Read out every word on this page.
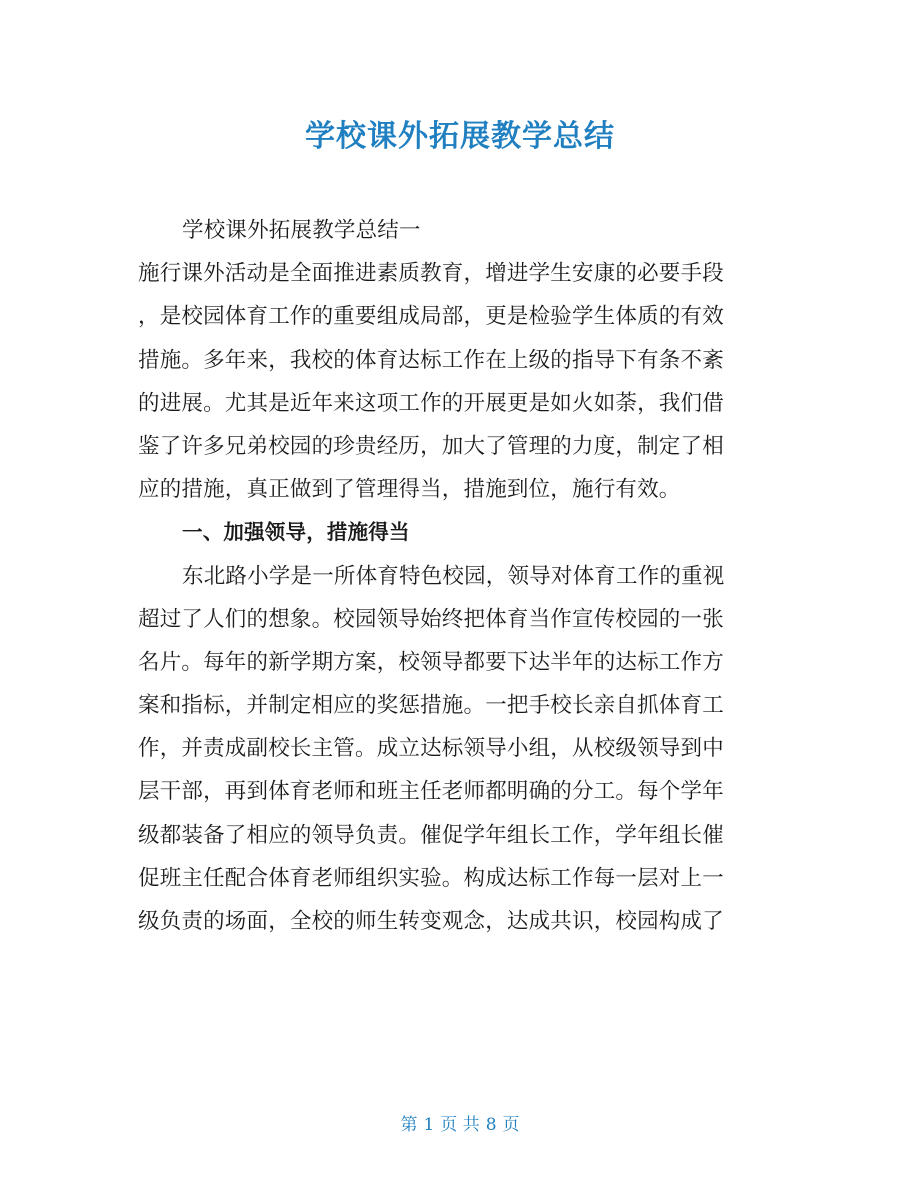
学校课外拓展教学总结
学校课外拓展教学总结一
施行课外活动是全面推进素质教育，增进学生安康的必要手段
，是校园体育工作的重要组成局部，更是检验学生体质的有效
措施。多年来，我校的体育达标工作在上级的指导下有条不紊
的进展。尤其是近年来这项工作的开展更是如火如荼，我们借
鉴了许多兄弟校园的珍贵经历，加大了管理的力度，制定了相
应的措施，真正做到了管理得当，措施到位，施行有效。
一、加强领导，措施得当
东北路小学是一所体育特色校园，领导对体育工作的重视
超过了人们的想象。校园领导始终把体育当作宣传校园的一张
名片。每年的新学期方案，校领导都要下达半年的达标工作方
案和指标，并制定相应的奖惩措施。一把手校长亲自抓体育工
作，并责成副校长主管。成立达标领导小组，从校级领导到中
层干部，再到体育老师和班主任老师都明确的分工。每个学年
级都装备了相应的领导负责。催促学年组长工作，学年组长催
促班主任配合体育老师组织实验。构成达标工作每一层对上一
级负责的场面，全校的师生转变观念，达成共识，校园构成了
第 1 页 共 8 页
